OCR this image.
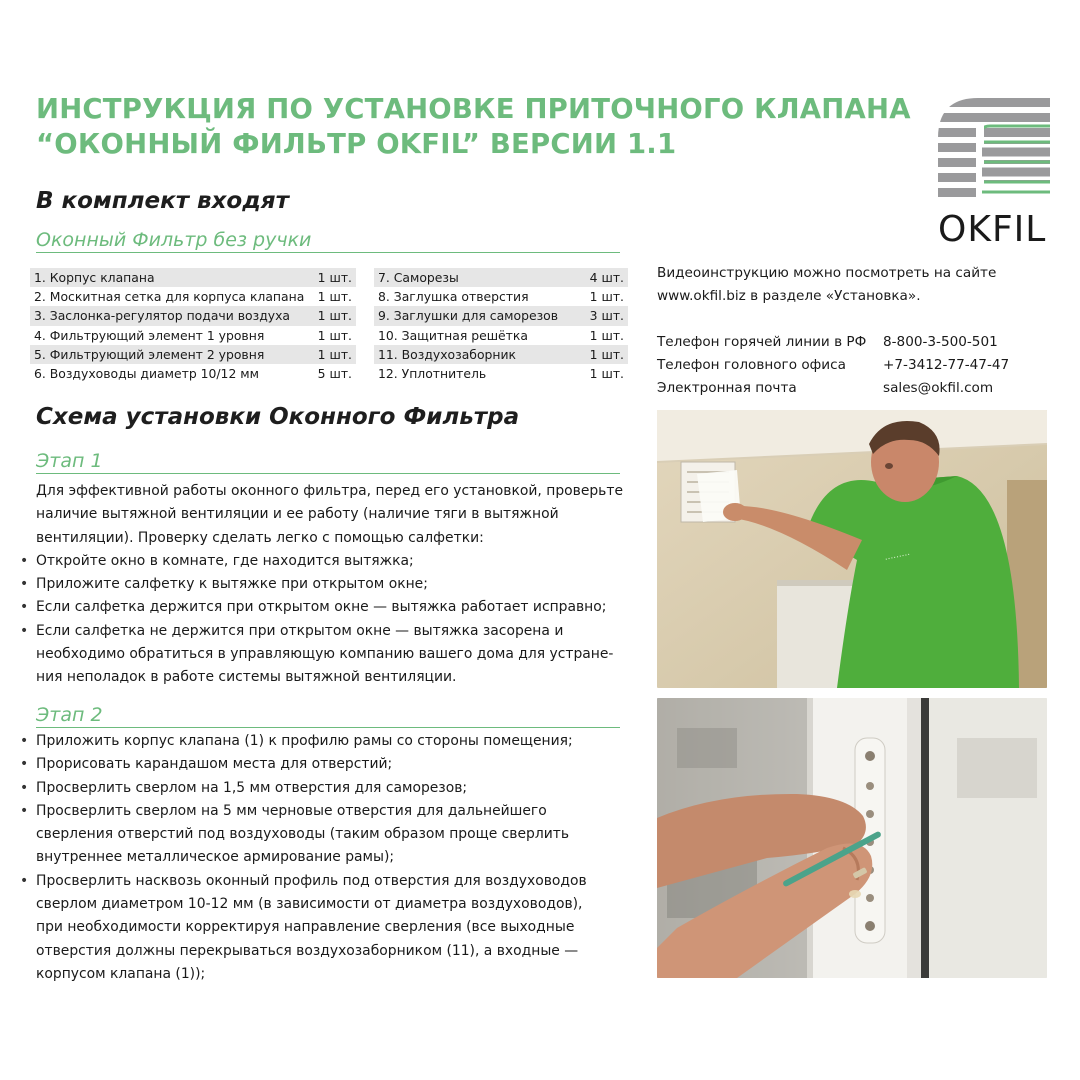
ИНСТРУКЦИЯ ПО УСТАНОВКЕ ПРИТОЧНОГО КЛАПАНА
“ОКОННЫЙ ФИЛЬТР OKFIL” ВЕРСИИ 1.1
OKFIL
В комплект входят
Оконный Фильтр без ручки
1. Корпус клапана	1 шт.
2. Москитная сетка для корпуса клапана	1 шт.
3. Заслонка-регулятор подачи воздуха	1 шт.
4. Фильтрующий элемент 1 уровня	1 шт.
5. Фильтрующий элемент 2 уровня	1 шт.
6. Воздуховоды диаметр 10/12 мм	5 шт.
7. Саморезы	4 шт.
8. Заглушка отверстия	1 шт.
9. Заглушки для саморезов	3 шт.
10. Защитная решётка	1 шт.
11. Воздухозаборник	1 шт.
12. Уплотнитель	1 шт.
Видеоинструкцию можно посмотреть на сайте
www.okfil.biz в разделе «Установка».
Телефон горячей линии в РФ	8-800-3-500-501
Телефон головного офиса	+7-3412-77-47-47
Электронная почта	sales@okfil.com
Схема установки Оконного Фильтра
Этап 1

Для эффективной работы оконного фильтра, перед его установкой, проверьте

наличие вытяжной вентиляции и ее работу (наличие тяги в вытяжной

вентиляции). Проверку сделать легко с помощью салфетки:

• Откройте окно в комнате, где находится вытяжка;
• Приложите салфетку к вытяжке при открытом окне;
• Если салфетка держится при открытом окне — вытяжка работает исправно;
• Если салфетка не держится при открытом окне — вытяжка засорена и
необходимо обратиться в управляющую компанию вашего дома для устране-
ния неполадок в работе системы вытяжной вентиляции.
Этап 2
• Приложить корпус клапана (1) к профилю рамы со стороны помещения;
• Прорисовать карандашом места для отверстий;
• Просверлить сверлом на 1,5 мм отверстия для саморезов;
• Просверлить сверлом на 5 мм черновые отверстия для дальнейшего
сверления отверстий под воздуховоды (таким образом проще сверлить
внутреннее металлическое армирование рамы);
• Просверлить насквозь оконный профиль под отверстия для воздуховодов
сверлом диаметром 10-12 мм (в зависимости от диаметра воздуховодов),
при необходимости корректируя направление сверления (все выходные
отверстия должны перекрываться воздухозаборником (11), а входные —
корпусом клапана (1));
.........
